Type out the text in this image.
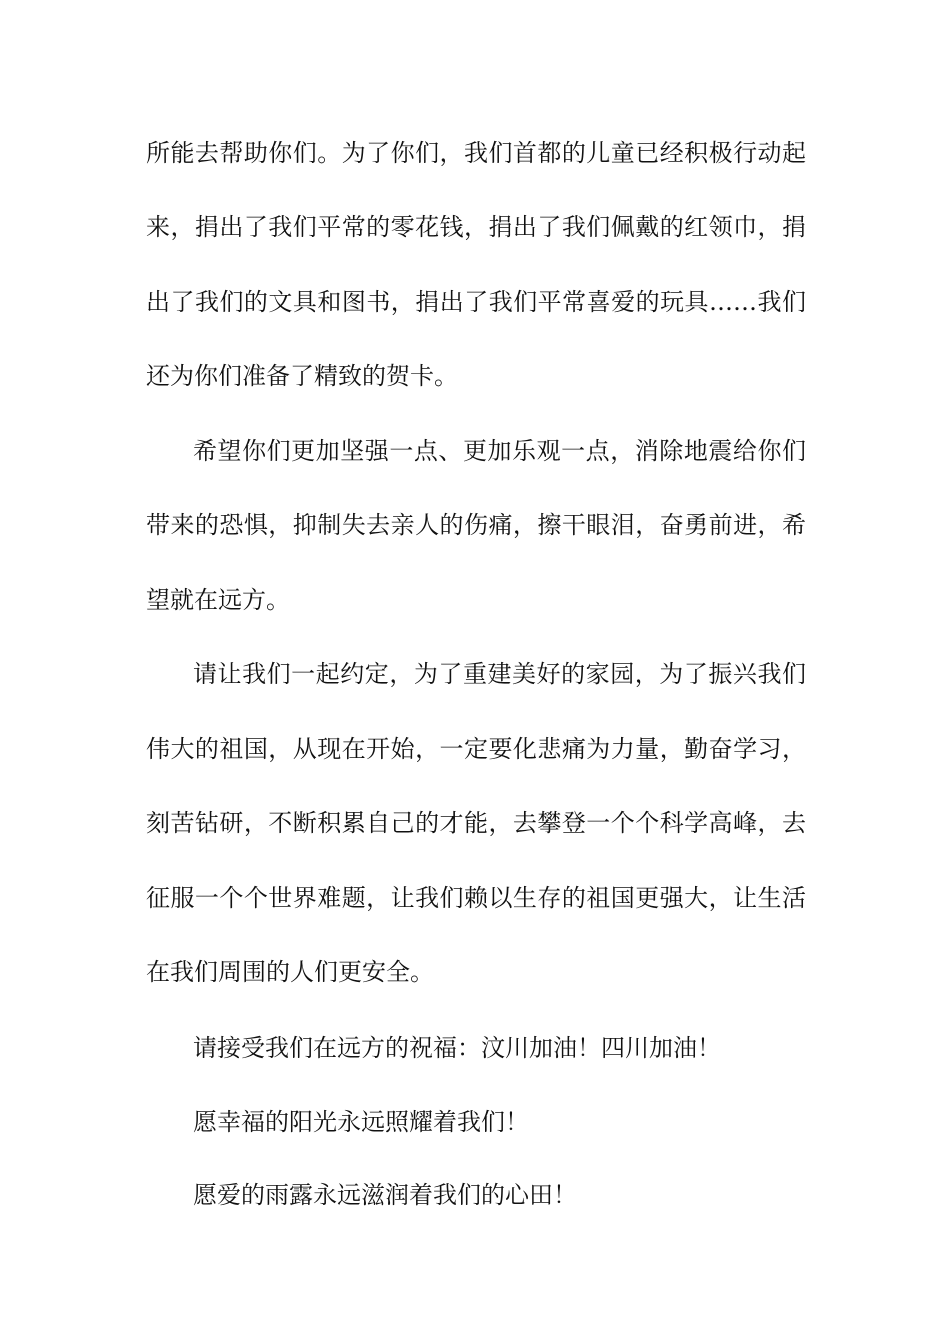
所能去帮助你们。为了你们，我们首都的儿童已经积极行动起
来，捐出了我们平常的零花钱，捐出了我们佩戴的红领巾，捐
出了我们的文具和图书，捐出了我们平常喜爱的玩具……我们
还为你们准备了精致的贺卡。
希望你们更加坚强一点、更加乐观一点，消除地震给你们
带来的恐惧，抑制失去亲人的伤痛，擦干眼泪，奋勇前进，希
望就在远方。
请让我们一起约定，为了重建美好的家园，为了振兴我们
伟大的祖国，从现在开始，一定要化悲痛为力量，勤奋学习，
刻苦钻研，不断积累自己的才能，去攀登一个个科学高峰，去
征服一个个世界难题，让我们赖以生存的祖国更强大，让生活
在我们周围的人们更安全。
请接受我们在远方的祝福：汶川加油！四川加油！
愿幸福的阳光永远照耀着我们！
愿爱的雨露永远滋润着我们的心田！
